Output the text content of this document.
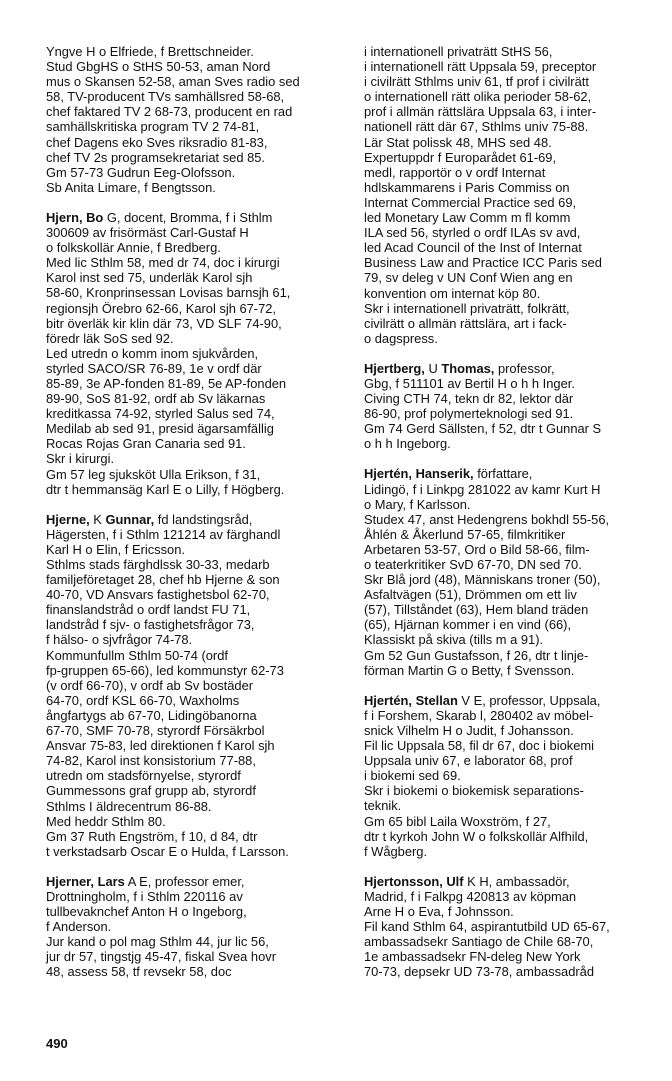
Yngve H o Elfriede, f Brettschneider.
Stud GbgHS o StHS 50-53, aman Nord
mus o Skansen 52-58, aman Sves radio sed
58, TV-producent TVs samhällsred 58-68,
chef faktared TV 2 68-73, producent en rad
samhällskritiska program TV 2 74-81,
chef Dagens eko Sves riksradio 81-83,
chef TV 2s programsekretariat sed 85.
Gm 57-73 Gudrun Eeg-Olofsson.
Sb Anita Limare, f Bengtsson.
Hjern, Bo G, docent, Bromma, f i Sthlm
300609 av frisörmäst Carl-Gustaf H
o folkskollär Annie, f Bredberg.
Med lic Sthlm 58, med dr 74, doc i kirurgi
Karol inst sed 75, underläk Karol sjh
58-60, Kronprinsessan Lovisas barnsjh 61,
regionsjh Örebro 62-66, Karol sjh 67-72,
bitr överläk kir klin där 73, VD SLF 74-90,
föredr läk SoS sed 92.
Led utredn o komm inom sjukvården,
styrled SACO/SR 76-89, 1e v ordf där
85-89, 3e AP-fonden 81-89, 5e AP-fonden
89-90, SoS 81-92, ordf ab Sv läkarnas
kreditkassa 74-92, styrled Salus sed 74,
Medilab ab sed 91, presid ägarsamfällig
Rocas Rojas Gran Canaria sed 91.
Skr i kirurgi.
Gm 57 leg sjuksköt Ulla Erikson, f 31,
dtr t hemmansäg Karl E o Lilly, f Högberg.
Hjerne, K Gunnar, fd landstingsråd,
Hägersten, f i Sthlm 121214 av färghandl
Karl H o Elin, f Ericsson.
Sthlms stads färghdlssk 30-33, medarb
familjeföretaget 28, chef hb Hjerne & son
40-70, VD Ansvars fastighetsbol 62-70,
finanslandstråd o ordf landst FU 71,
landstråd f sjv- o fastighetsfrågor 73,
f hälso- o sjvfrågor 74-78.
Kommunfullm Sthlm 50-74 (ordf
fp-gruppen 65-66), led kommunstyr 62-73
(v ordf 66-70), v ordf ab Sv bostäder
64-70, ordf KSL 66-70, Waxholms
ångfartygs ab 67-70, Lidingöbanorna
67-70, SMF 70-78, styrordf Försäkrbol
Ansvar 75-83, led direktionen f Karol sjh
74-82, Karol inst konsistorium 77-88,
utredn om stadsförnyelse, styrordf
Gummessons graf grupp ab, styrordf
Sthlms I äldrecentrum 86-88.
Med heddr Sthlm 80.
Gm 37 Ruth Engström, f 10, d 84, dtr
t verkstadsarb Oscar E o Hulda, f Larsson.
Hjerner, Lars A E, professor emer,
Drottningholm, f i Sthlm 220116 av
tullbevaknchef Anton H o Ingeborg,
f Anderson.
Jur kand o pol mag Sthlm 44, jur lic 56,
jur dr 57, tingstjg 45-47, fiskal Svea hovr
48, assess 58, tf revsekr 58, doc
i internationell privaträtt StHS 56,
i internationell rätt Uppsala 59, preceptor
i civilrätt Sthlms univ 61, tf prof i civilrätt
o internationell rätt olika perioder 58-62,
prof i allmän rättslära Uppsala 63, i inter-
nationell rätt där 67, Sthlms univ 75-88.
Lär Stat polissk 48, MHS sed 48.
Expertuppdr f Europarådet 61-69,
medl, rapportör o v ordf Internat
hdlskammarens i Paris Commiss on
Internat Commercial Practice sed 69,
led Monetary Law Comm m fl komm
ILA sed 56, styrled o ordf ILAs sv avd,
led Acad Council of the Inst of Internat
Business Law and Practice ICC Paris sed
79, sv deleg v UN Conf Wien ang en
konvention om internat köp 80.
Skr i internationell privaträtt, folkrätt,
civilrätt o allmän rättslära, art i fack-
o dagspress.
Hjertberg, U Thomas, professor,
Gbg, f 511101 av Bertil H o h h Inger.
Civing CTH 74, tekn dr 82, lektor där
86-90, prof polymerteknologi sed 91.
Gm 74 Gerd Sällsten, f 52, dtr t Gunnar S
o h h Ingeborg.
Hjertén, Hanserik, författare,
Lidingö, f i Linkpg 281022 av kamr Kurt H
o Mary, f Karlsson.
Studex 47, anst Hedengrens bokhdl 55-56,
Åhlén & Åkerlund 57-65, filmkritiker
Arbetaren 53-57, Ord o Bild 58-66, film-
o teaterkritiker SvD 67-70, DN sed 70.
Skr Blå jord (48), Människans troner (50),
Asfaltvägen (51), Drömmen om ett liv
(57), Tillståndet (63), Hem bland träden
(65), Hjärnan kommer i en vind (66),
Klassiskt på skiva (tills m a 91).
Gm 52 Gun Gustafsson, f 26, dtr t linje-
förman Martin G o Betty, f Svensson.
Hjertén, Stellan V E, professor, Uppsala,
f i Forshem, Skarab l, 280402 av möbel-
snick Vilhelm H o Judit, f Johansson.
Fil lic Uppsala 58, fil dr 67, doc i biokemi
Uppsala univ 67, e laborator 68, prof
i biokemi sed 69.
Skr i biokemi o biokemisk separations-
teknik.
Gm 65 bibl Laila Woxström, f 27,
dtr t kyrkoh John W o folkskollär Alfhild,
f Wågberg.
Hjertonsson, Ulf K H, ambassadör,
Madrid, f i Falkpg 420813 av köpman
Arne H o Eva, f Johnsson.
Fil kand Sthlm 64, aspirantutbild UD 65-67,
ambassadsekr Santiago de Chile 68-70,
1e ambassadsekr FN-deleg New York
70-73, depsekr UD 73-78, ambassadråd
490
